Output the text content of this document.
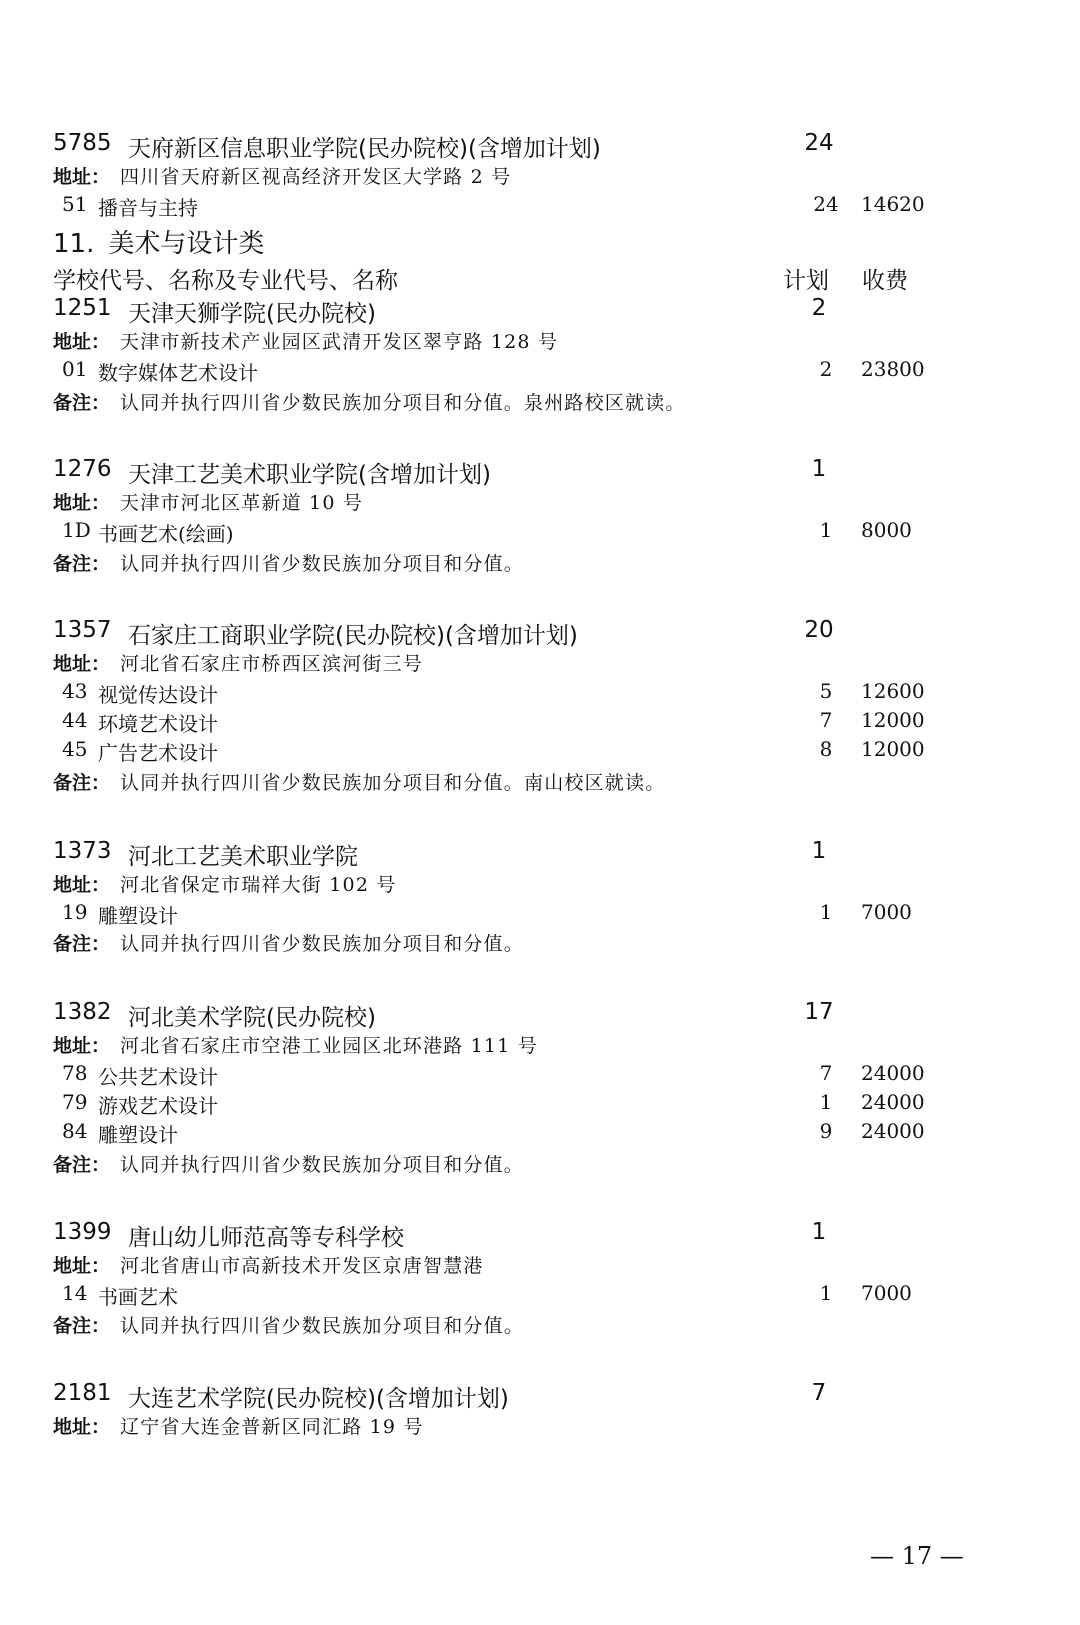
5785 天府新区信息职业学院(民办院校)(含增加计划)	24
地址： 四川省天府新区视高经济开发区大学路 2 号
51 播音与主持	24	14620
11. 美术与设计类
学校代号、名称及专业代号、名称	计划 收费
1251 天津天狮学院(民办院校)	2
地址： 天津市新技术产业园区武清开发区翠亨路 128 号
01 数字媒体艺术设计	2	23800
备注： 认同并执行四川省少数民族加分项目和分值。泉州路校区就读。
1276 天津工艺美术职业学院(含增加计划)	1
地址： 天津市河北区革新道 10 号
1D 书画艺术(绘画)	1	8000
备注： 认同并执行四川省少数民族加分项目和分值。
1357 石家庄工商职业学院(民办院校)(含增加计划)	20
地址： 河北省石家庄市桥西区滨河街三号
43 视觉传达设计	5	12600
44 环境艺术设计	7	12000
45 广告艺术设计	8	12000
备注： 认同并执行四川省少数民族加分项目和分值。南山校区就读。
1373 河北工艺美术职业学院	1
地址： 河北省保定市瑞祥大街 102 号
19 雕塑设计	1	7000
备注： 认同并执行四川省少数民族加分项目和分值。
1382 河北美术学院(民办院校)	17
地址： 河北省石家庄市空港工业园区北环港路 111 号
78 公共艺术设计	7	24000
79 游戏艺术设计	1	24000
84 雕塑设计	9	24000
备注： 认同并执行四川省少数民族加分项目和分值。
1399 唐山幼儿师范高等专科学校	1
地址： 河北省唐山市高新技术开发区京唐智慧港
14 书画艺术	1	7000
备注： 认同并执行四川省少数民族加分项目和分值。
2181 大连艺术学院(民办院校)(含增加计划)	7
地址： 辽宁省大连金普新区同汇路 19 号
— 17 —
